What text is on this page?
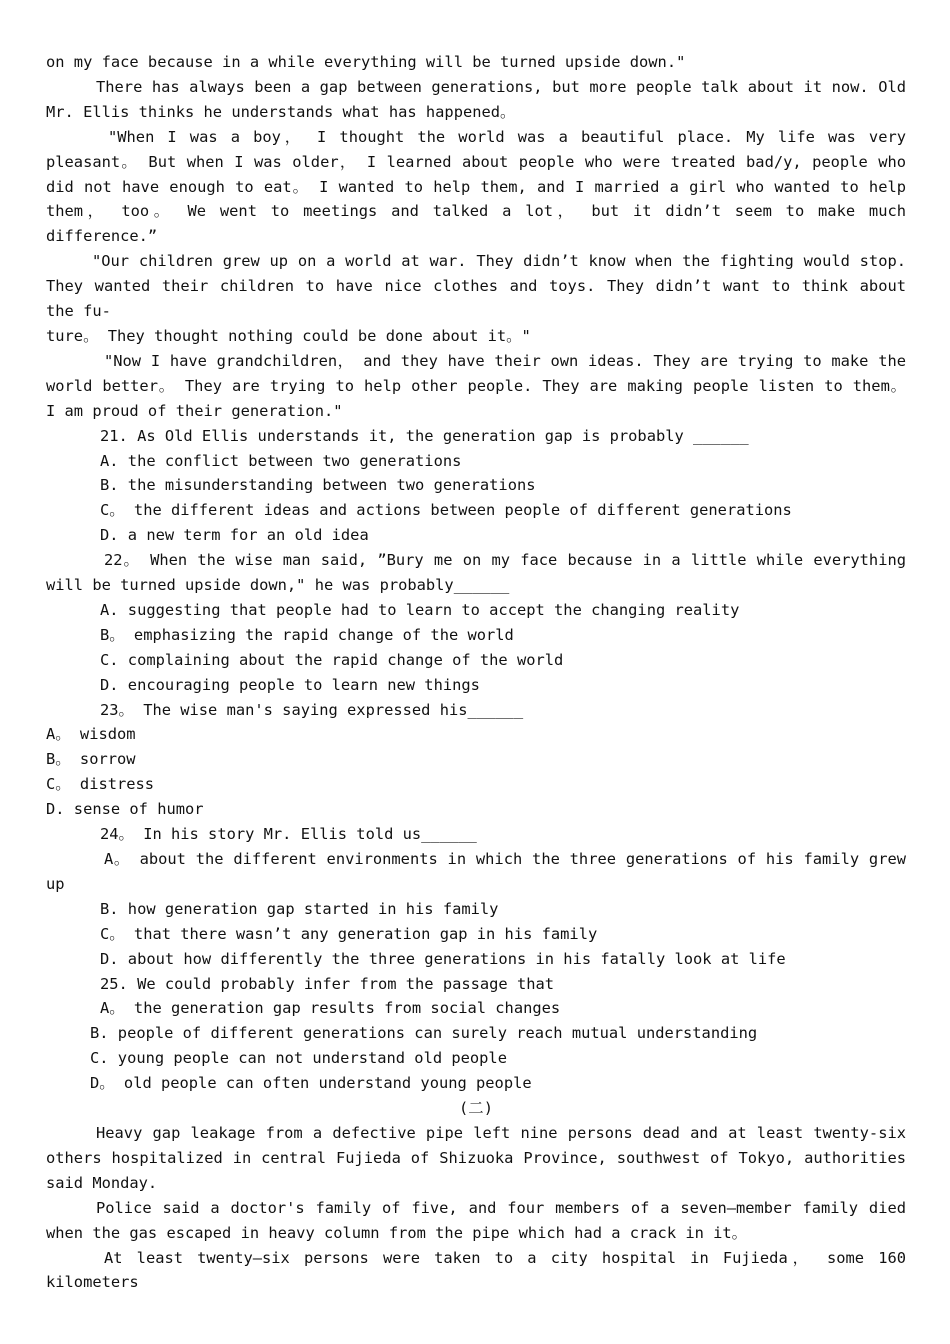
on my face because in a while everything will be turned upside down."
There has always been a gap between generations, but more people talk about it now. Old Mr. Ellis thinks he understands what has happened。
"When I was a boy， I thought the world was a beautiful place. My life was very pleasant。 But when I was older， I learned about people who were treated bad/y, people who did not have enough to eat。 I wanted to help them, and I married a girl who wanted to help them， too。 We went to meetings and talked a lot， but it didn’t seem to make much difference.”
"Our children grew up on a world at war. They didn’t know when the fighting would stop. They wanted their children to have nice clothes and toys. They didn’t want to think about the fu-
ture。 They thought nothing could be done about it。"
"Now I have grandchildren， and they have their own ideas. They are trying to make the world better。 They are trying to help other people. They are making people listen to them。 I am proud of their generation."
21. As Old Ellis understands it, the generation gap is probably ______
A. the conflict between two generations
B. the misunderstanding between two generations
C。 the different ideas and actions between people of different generations
D. a new term for an old idea
22。 When the wise man said, ”Bury me on my face because in a little while everything will be turned upside down," he was probably______
A. suggesting that people had to learn to accept the changing reality
B。 emphasizing the rapid change of the world
C. complaining about the rapid change of the world
D. encouraging people to learn new things
23。 The wise man's saying expressed his______
A。 wisdom
B。 sorrow
C。 distress
D. sense of humor
24。 In his story Mr. Ellis told us______
A。 about the different environments in which the three generations of his family grew up
B. how generation gap started in his family
C。 that there wasn’t any generation gap in his family
D. about how differently the three generations in his fatally look at life
25. We could probably infer from the passage that
A。 the generation gap results from social changes
B. people of different generations can surely reach mutual understanding
C. young people can not understand old people
D。 old people can often understand young people
(二)
Heavy gap leakage from a defective pipe left nine persons dead and at least twenty-six others hospitalized in central Fujieda of Shizuoka Province, southwest of Tokyo, authorities said Monday.
Police said a doctor's family of five, and four members of a seven—member family died when the gas escaped in heavy column from the pipe which had a crack in it。
At least twenty—six persons were taken to a city hospital in Fujieda， some 160 kilometers
